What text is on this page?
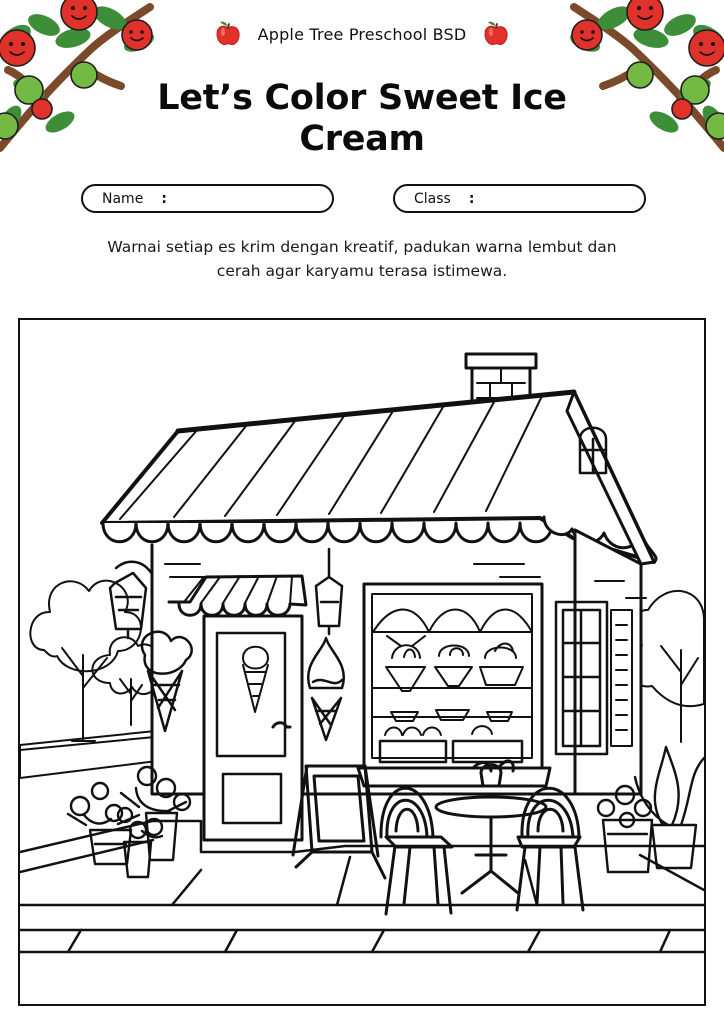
Apple Tree Preschool BSD
Let’s Color Sweet Ice Cream
Name :	Class :
Warnai setiap es krim dengan kreatif, padukan warna lembut dan
cerah agar karyamu terasa istimewa.
